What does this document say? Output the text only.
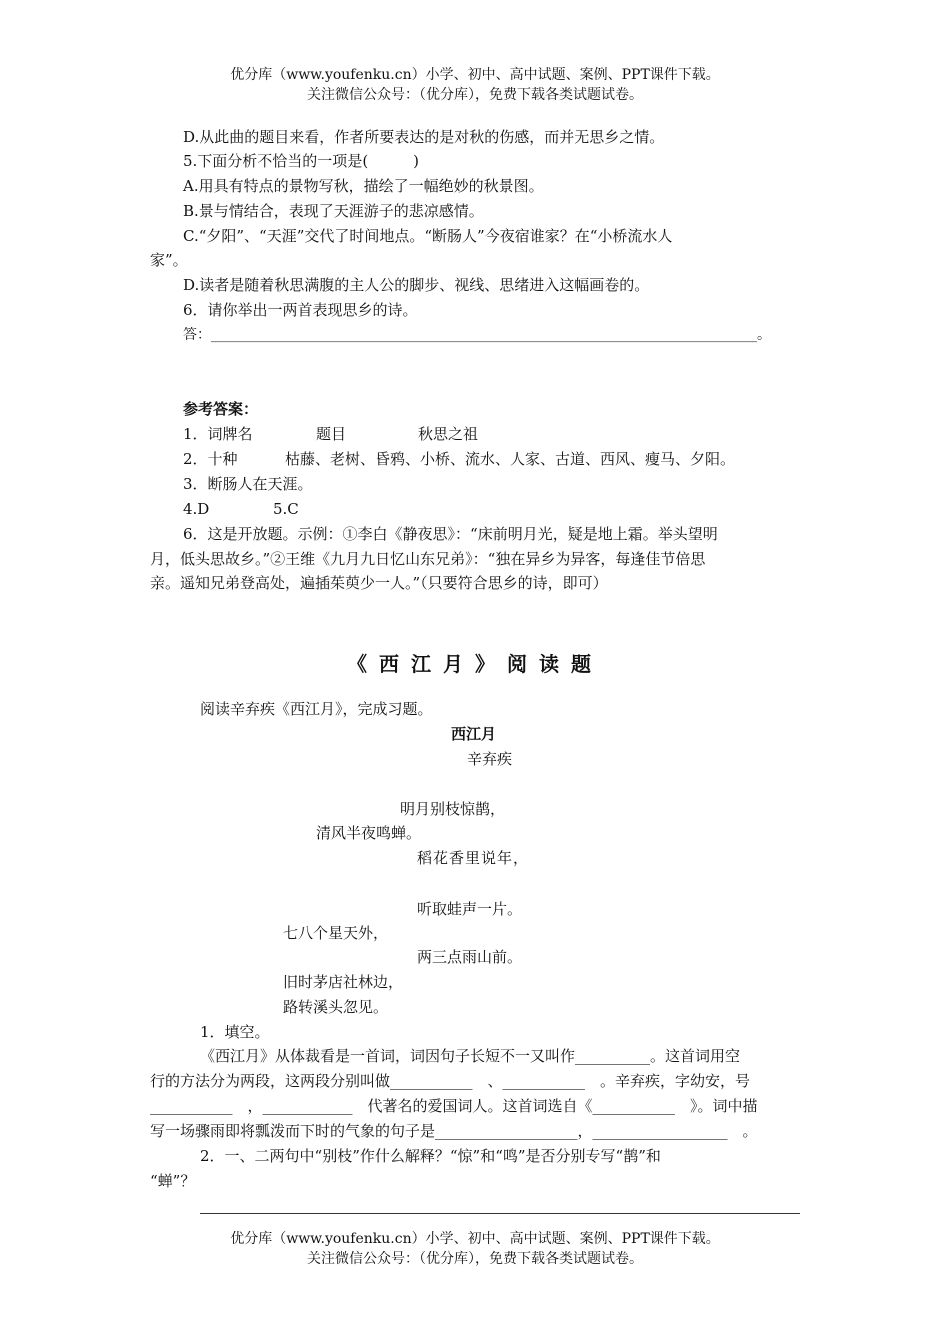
优分库（www.youfenku.cn）小学、初中、高中试题、案例、PPT课件下载。
关注微信公众号：（优分库），免费下载各类试题试卷。
D.从此曲的题目来看，作者所要表达的是对秋的伤感，而并无思乡之情。
5.下面分析不恰当的一项是(　　　)
A.用具有特点的景物写秋，描绘了一幅绝妙的秋景图。
B.景与情结合，表现了天涯游子的悲凉感情。
C.“夕阳”、“天涯”交代了时间地点。“断肠人”今夜宿谁家？在“小桥流水人
家”。
D.读者是随着秋思满腹的主人公的脚步、视线、思绪进入这幅画卷的。
6．请你举出一两首表现思乡的诗。
答：______________________________________________________________________________。
参考答案：
1．词牌名	题目	秋思之祖
2．十种	枯藤、老树、昏鸦、小桥、流水、人家、古道、西风、瘦马、夕阳。
3．断肠人在天涯。
4.D	5.C
6．这是开放题。示例：①李白《静夜思》：“床前明月光，疑是地上霜。举头望明
月，低头思故乡。”②王维《九月九日忆山东兄弟》：“独在异乡为异客，每逢佳节倍思
亲。遥知兄弟登高处，遍插茱萸少一人。”（只要符合思乡的诗，即可）
《西江月》阅读题
阅读辛弃疾《西江月》，完成习题。
西江月
辛弃疾
明月别枝惊鹊，
清风半夜鸣蝉。
稻花香里说年，
听取蛙声一片。
七八个星天外，
两三点雨山前。
旧时茅店社林边，
路转溪头忽见。
1．填空。
《西江月》从体裁看是一首词，词因句子长短不一又叫作__________。这首词用空
行的方法分为两段，这两段分别叫做___________　、___________　。辛弃疾，字幼安，号
___________　，____________　代著名的爱国词人。这首词选自《___________　》。词中描
写一场骤雨即将瓢泼而下时的气象的句子是___________________，__________________　。
2．一、二两句中“别枝”作什么解释？“惊”和“鸣”是否分别专写“鹊”和
“蝉”？
优分库（www.youfenku.cn）小学、初中、高中试题、案例、PPT课件下载。
关注微信公众号：（优分库），免费下载各类试题试卷。
